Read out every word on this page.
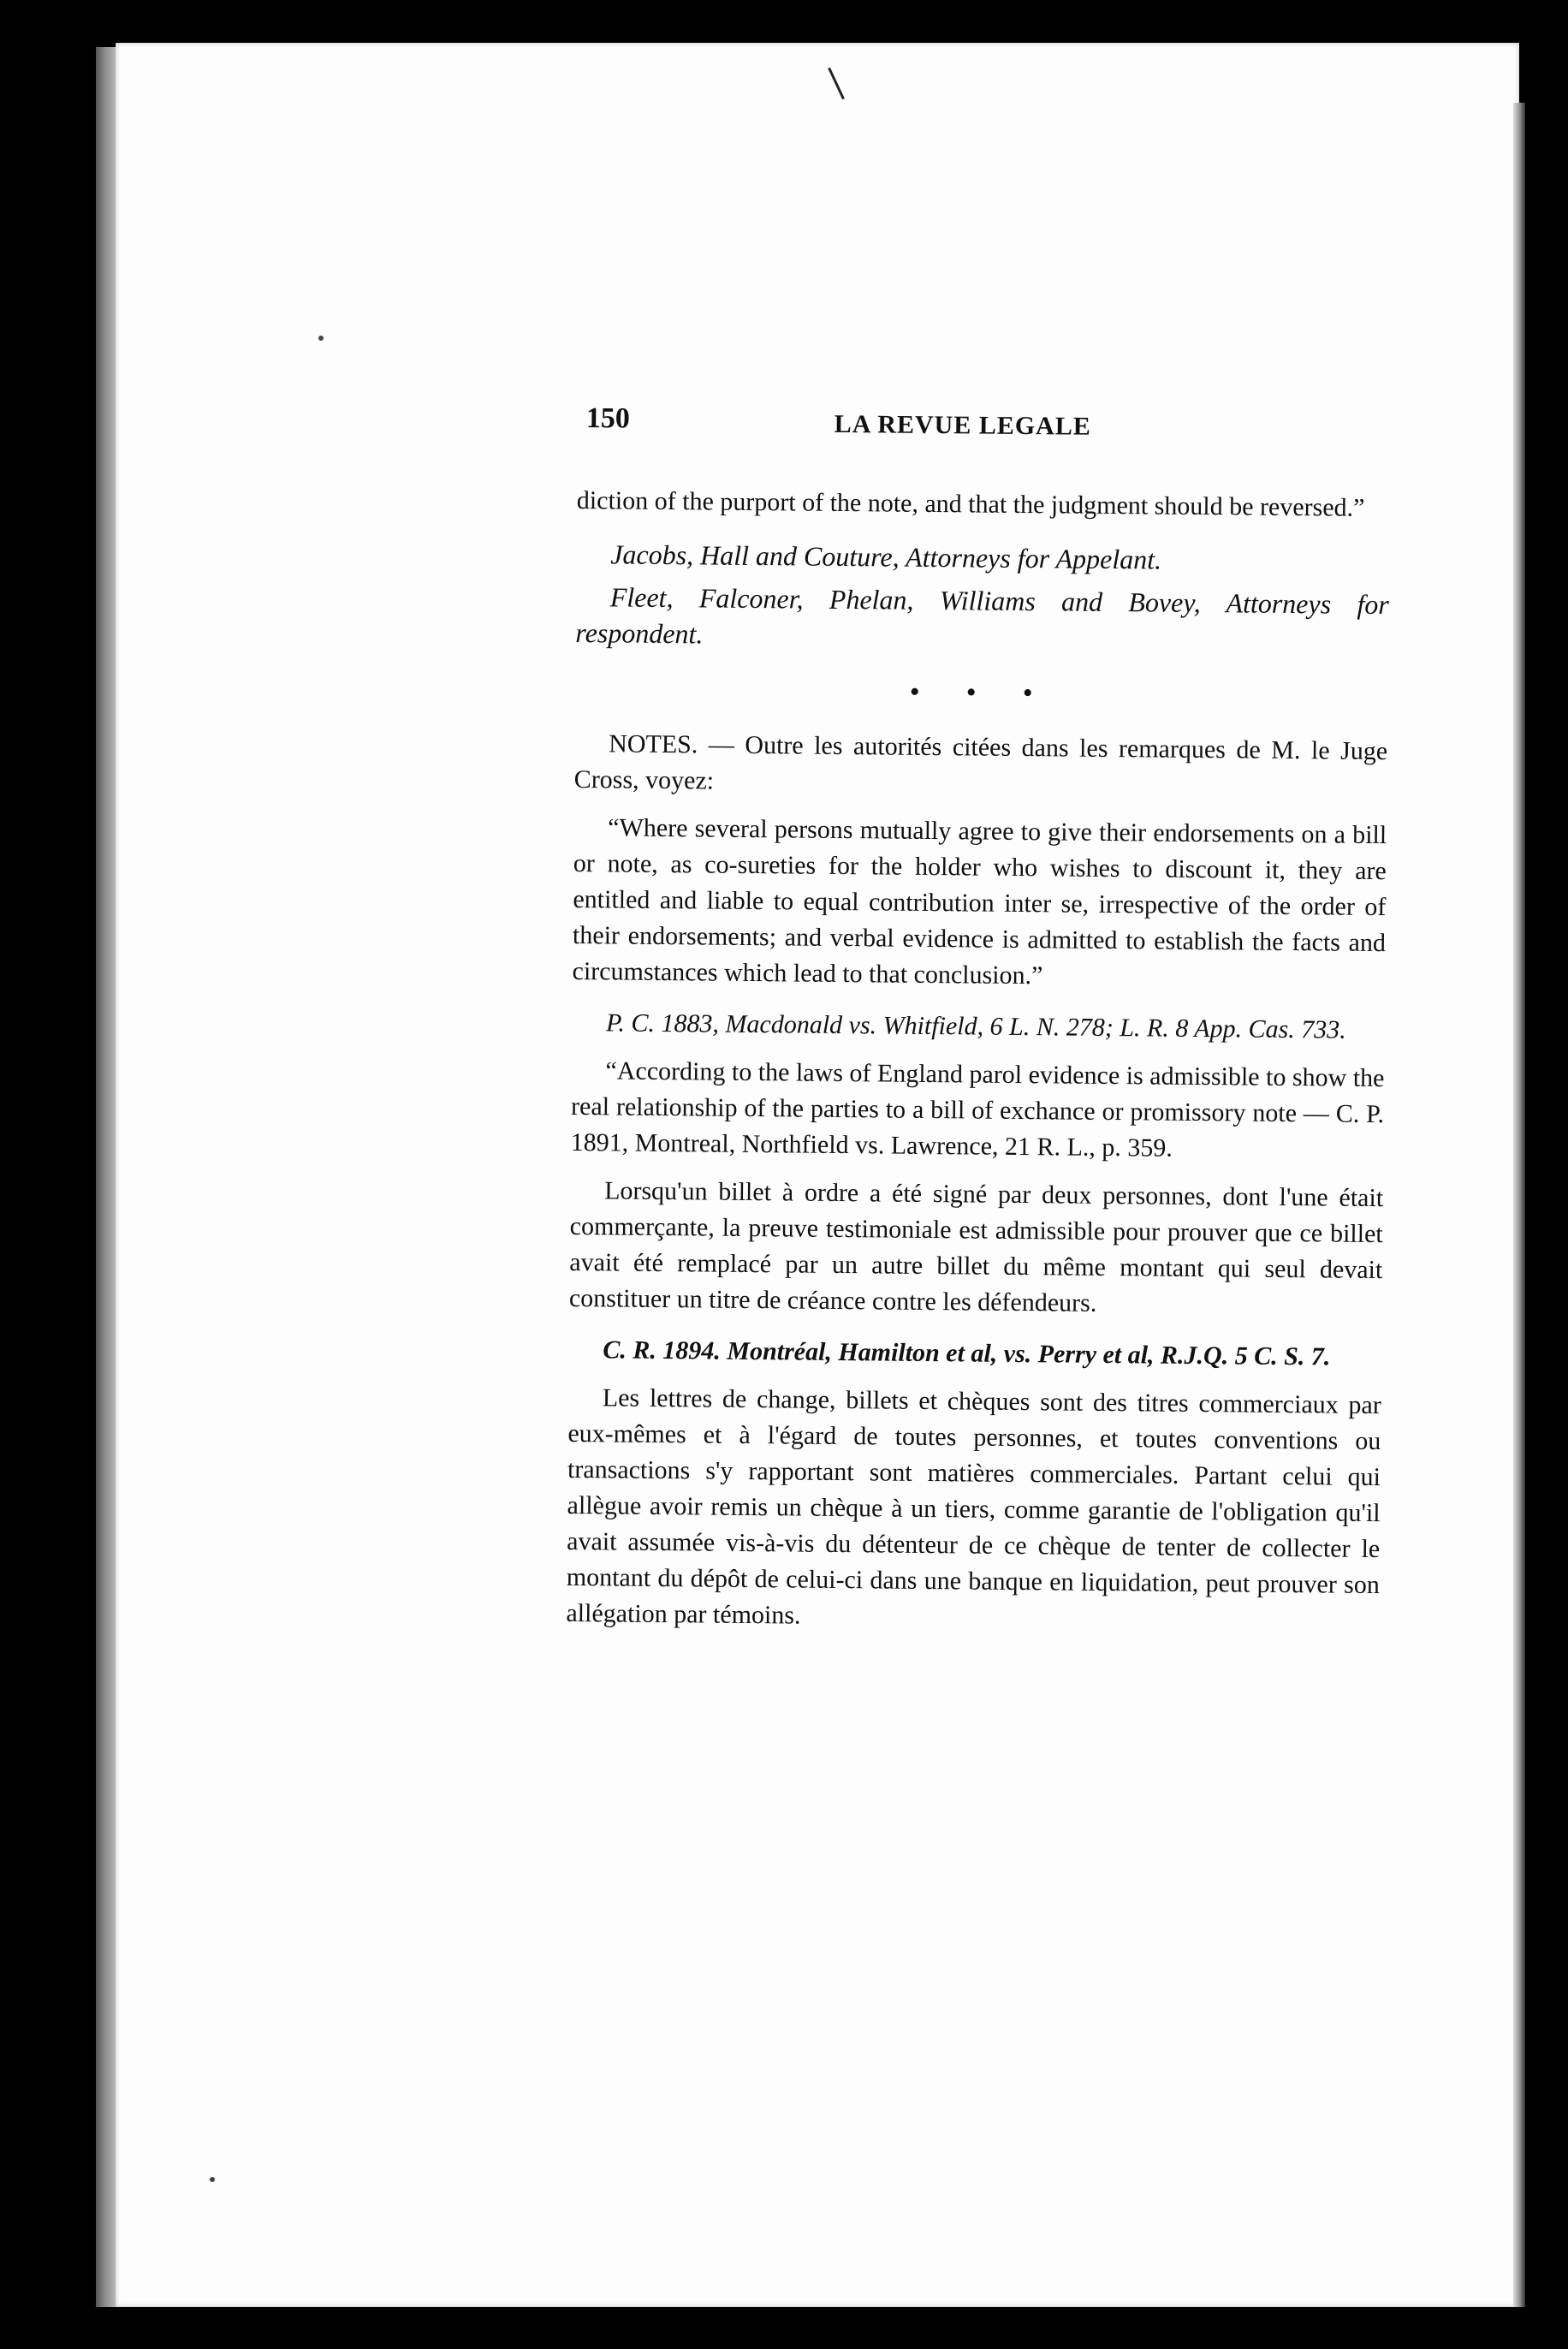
150	LA REVUE LEGALE

diction of the purport of the note, and that the judgment should be reversed.”

Jacobs, Hall and Couture, Attorneys for Appelant.

Fleet, Falconer, Phelan, Williams and Bovey, Attorneys for respondent.

• • •

NOTES. — Outre les autorités citées dans les remarques de M. le Juge Cross, voyez:

“Where several persons mutually agree to give their endorsements on a bill or note, as co-sureties for the holder who wishes to discount it, they are entitled and liable to equal contribution inter se, irrespective of the order of their endorsements; and verbal evidence is admitted to establish the facts and circumstances which lead to that conclusion.”

P. C. 1883, Macdonald vs. Whitfield, 6 L. N. 278; L. R. 8 App. Cas. 733.

“According to the laws of England parol evidence is admissible to show the real relationship of the parties to a bill of exchance or promissory note — C. P. 1891, Montreal, Northfield vs. Lawrence, 21 R. L., p. 359.

Lorsqu'un billet à ordre a été signé par deux personnes, dont l'une était commerçante, la preuve testimoniale est admissible pour prouver que ce billet avait été remplacé par un autre billet du même montant qui seul devait constituer un titre de créance contre les défendeurs.

C. R. 1894. Montréal, Hamilton et al, vs. Perry et al, R.J.Q. 5 C. S. 7.

Les lettres de change, billets et chèques sont des titres commerciaux par eux-mêmes et à l'égard de toutes personnes, et toutes conventions ou transactions s'y rapportant sont matières commerciales. Partant celui qui allègue avoir remis un chèque à un tiers, comme garantie de l'obligation qu'il avait assumée vis-à-vis du détenteur de ce chèque de tenter de collecter le montant du dépôt de celui-ci dans une banque en liquidation, peut prouver son allégation par témoins.
